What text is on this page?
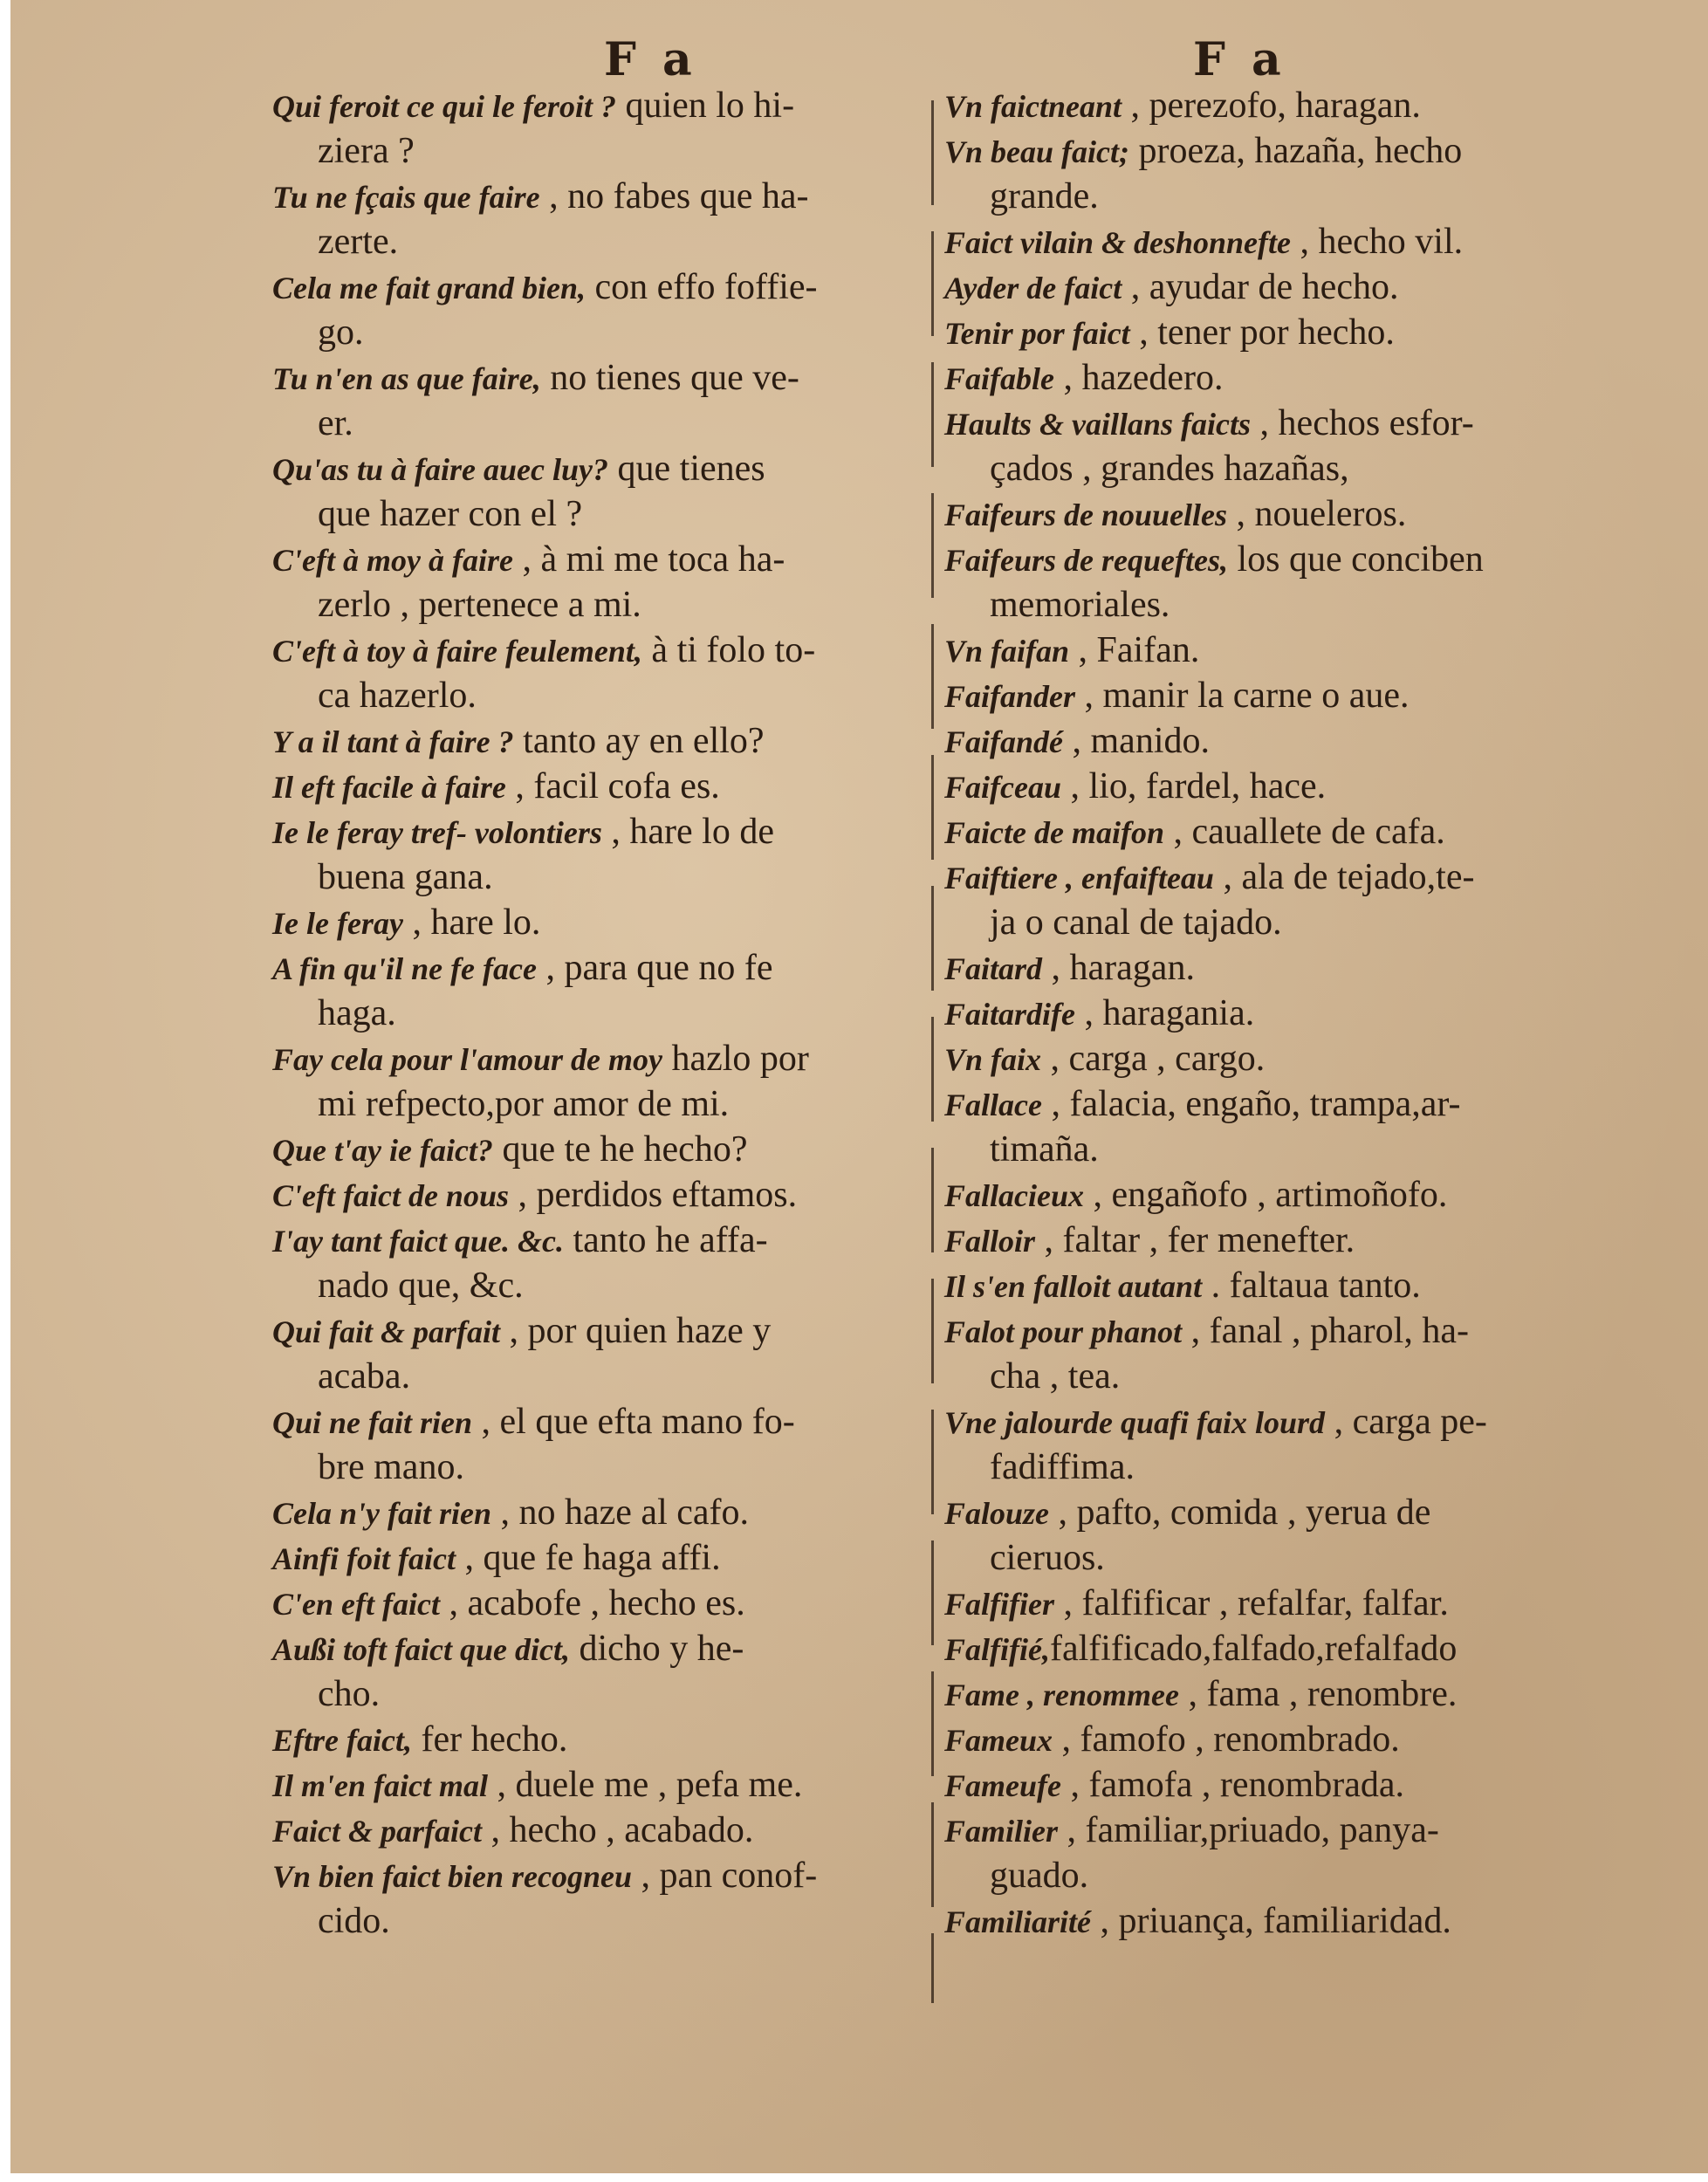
F a	F a
Qui feroit ce qui le feroit ? quien lo hi-
ziera ?
Tu ne fçais que faire , no fabes que ha-
zerte.
Cela me fait grand bien, con effo foffie-
go.
Tu n'en as que faire, no tienes que ve-
er.
Qu'as tu à faire auec luy? que tienes
que hazer con el ?
C'eft à moy à faire , à mi me toca ha-
zerlo , pertenece a mi.
C'eft à toy à faire feulement, à ti folo to-
ca hazerlo.
Y a il tant à faire ? tanto ay en ello?
Il eft facile à faire , facil cofa es.
Ie le feray tref- volontiers , hare lo de
buena gana.
Ie le feray , hare lo.
A fin qu'il ne fe face , para que no fe
haga.
Fay cela pour l'amour de moy hazlo por
mi refpecto,por amor de mi.
Que t'ay ie faict? que te he hecho?
C'eft faict de nous , perdidos eftamos.
I'ay tant faict que. &c. tanto he affa-
nado que, &c.
Qui fait & parfait , por quien haze y
acaba.
Qui ne fait rien , el que efta mano fo-
bre mano.
Cela n'y fait rien , no haze al cafo.
Ainfi foit faict , que fe haga affi.
C'en eft faict , acabofe , hecho es.
Außi toft faict que dict, dicho y he-
cho.
Eftre faict, fer hecho.
Il m'en faict mal , duele me , pefa me.
Faict & parfaict , hecho , acabado.
Vn bien faict bien recogneu , pan conof-
cido.
Vn faictneant , perezofo, haragan.
Vn beau faict; proeza, hazaña, hecho
grande.
Faict vilain & deshonnefte , hecho vil.
Ayder de faict , ayudar de hecho.
Tenir por faict , tener por hecho.
Faifable , hazedero.
Haults & vaillans faicts , hechos esfor-
çados , grandes hazañas,
Faifeurs de nouuelles , noueleros.
Faifeurs de requeftes, los que conciben
memoriales.
Vn faifan , Faifan.
Faifander , manir la carne o aue.
Faifandé , manido.
Faifceau , lio, fardel, hace.
Faicte de maifon , cauallete de cafa.
Faiftiere , enfaifteau , ala de tejado,te-
ja o canal de tajado.
Faitard , haragan.
Faitardife , haragania.
Vn faix , carga , cargo.
Fallace , falacia, engaño, trampa,ar-
timaña.
Fallacieux , engañofo , artimoñofo.
Falloir , faltar , fer menefter.
Il s'en falloit autant . faltaua tanto.
Falot pour phanot , fanal , pharol, ha-
cha , tea.
Vne jalourde quafi faix lourd , carga pe-
fadiffima.
Falouze , pafto, comida , yerua de
cieruos.
Falfifier , falfificar , refalfar, falfar.
Falfifié,falfificado,falfado,refalfado
Fame , renommee , fama , renombre.
Fameux , famofo , renombrado.
Fameufe , famofa , renombrada.
Familier , familiar,priuado, panya-
guado.
Familiarité , priuança, familiaridad.
